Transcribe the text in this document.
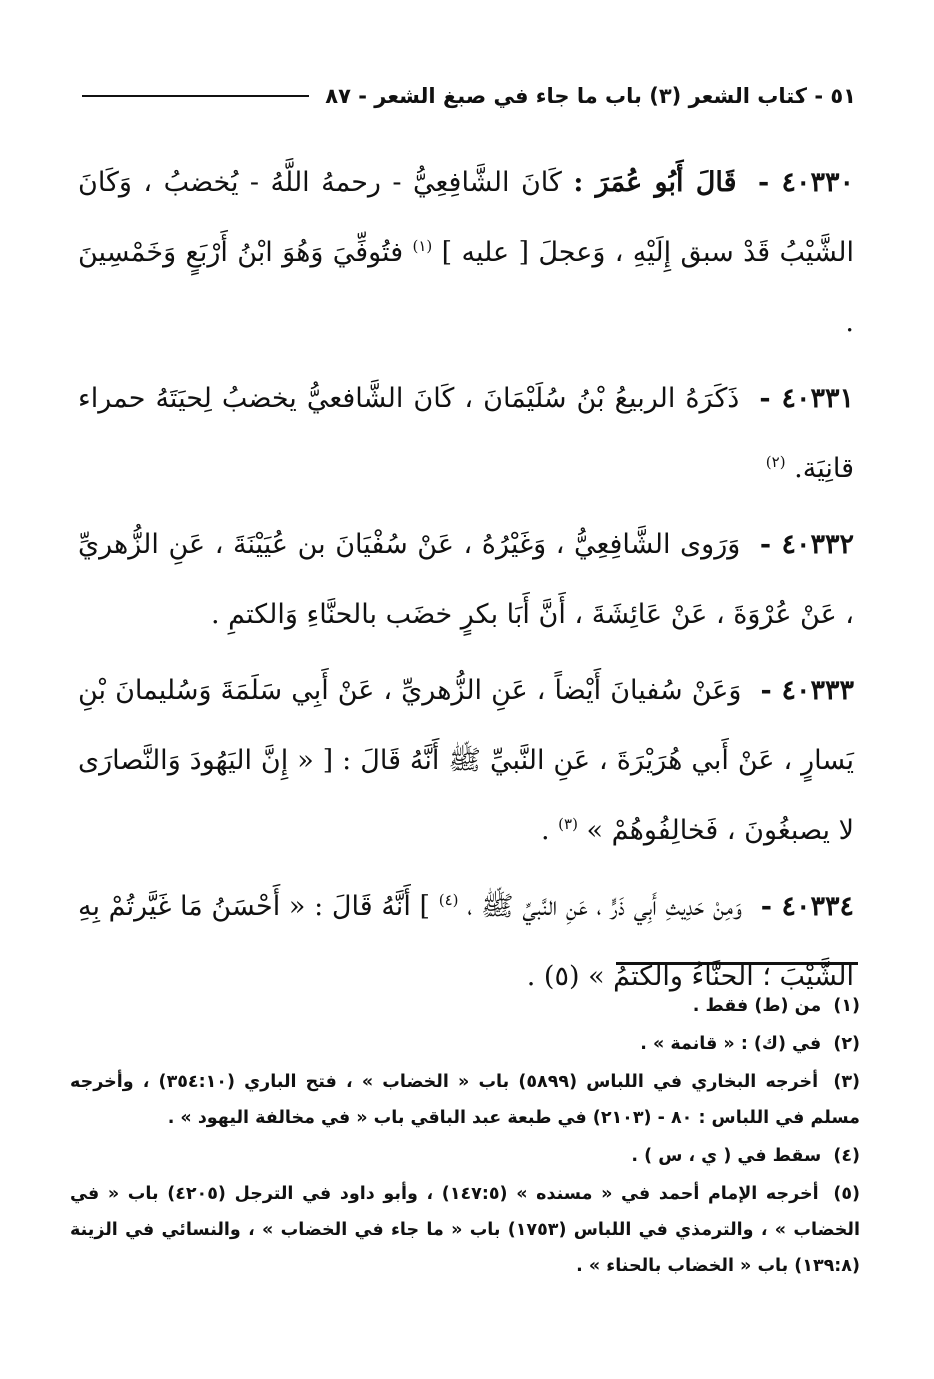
٥١ - كتاب الشعر (٣) باب ما جاء في صبغ الشعر - ٨٧

٤٠٣٣٠ - قَالَ أَبُو عُمَرَ : كَانَ الشَّافِعِيُّ - رحمهُ اللَّهُ - يُخضبُ ، وَكَانَ الشَّيْبُ قَدْ سبق إِلَيْهِ ، وَعجلَ [ عليه ] $^{(١)}$ فتُوفِّيَ وَهُوَ ابْنُ أَرْبَعٍ وَخَمْسِينَ .

٤٠٣٣١ - ذَكَرَهُ الربيعُ بْنُ سُلَيْمَانَ ، كَانَ الشَّافعيُّ يخضبُ لِحيَتَهُ حمراء قانِيَة. $^{(٢)}$

٤٠٣٣٢ - وَرَوى الشَّافِعِيُّ ، وَغَيْرُهُ ، عَنْ سُفْيَانَ بن عُيَيْنَةَ ، عَنِ الزُّهريِّ ، عَنْ عُرْوَةَ ، عَنْ عَائِشَةَ ، أَنَّ أَبَا بكرٍ خضَب بالحنَّاءِ وَالكتمِ .

٤٠٣٣٣ - وَعَنْ سُفيانَ أَيْضاً ، عَنِ الزُّهريِّ ، عَنْ أَبِي سَلَمَةَ وَسُليمانَ بْنِ يَسارٍ ، عَنْ أَبي هُرَيْرَةَ ، عَنِ النَّبيِّ ﷺ أَنَّهُ قَالَ : [ « إِنَّ اليَهُودَ وَالنَّصارَى لا يصبغُونَ ، فَخالِفُوهُمْ » $^{(٣)}$ .

٤٠٣٣٤ - وَمِنْ حَدِيثِ أَبِي ذَرٍّ ، عَنِ النَّبيِّ ﷺ ، $^{(٤)}$ ] أَنَّهُ قَالَ : « أَحْسَنُ مَا غَيَّرتُمْ بِهِ الشَّيْبَ ؛ الحنَّاءُ والكتمُ » (٥) .

(١) من (ط) فقط .

(٢) في (ك) : « قانمة » .

(٣) أخرجه البخاري في اللباس (٥٨٩٩) باب « الخضاب » ، فتح الباري (٣٥٤:١٠) ، وأخرجه مسلم في اللباس : ٨٠ - (٢١٠٣) في طبعة عبد الباقي باب « في مخالفة اليهود » .

(٤) سقط في ( ي ، س ) .

(٥) أخرجه الإمام أحمد في « مسنده » (١٤٧:٥) ، وأبو داود في الترجل (٤٢٠٥) باب « في الخضاب » ، والترمذي في اللباس (١٧٥٣) باب « ما جاء في الخضاب » ، والنسائي في الزينة (١٣٩:٨) باب « الخضاب بالحناء » .
